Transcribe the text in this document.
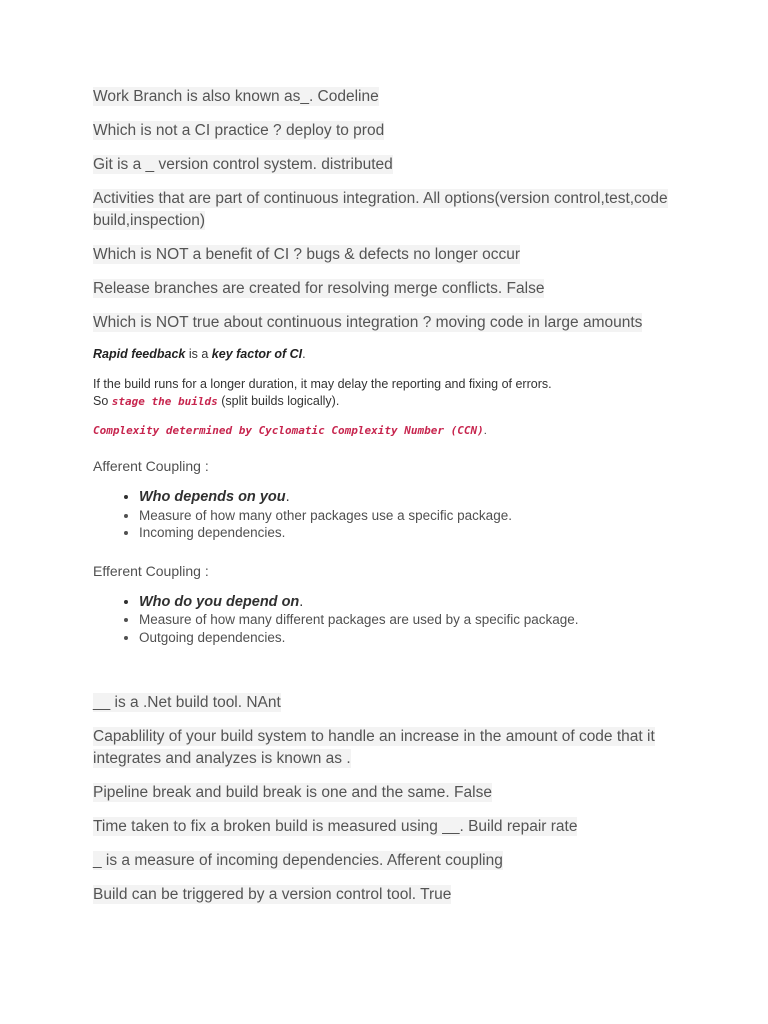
Work Branch is also known as_. Codeline

Which is not a CI practice ? deploy to prod

Git is a _ version control system. distributed

Activities that are part of continuous integration. All options(version control,test,code build,inspection)

Which is NOT a benefit of CI ? bugs & defects no longer occur

Release branches are created for resolving merge conflicts. False

Which is NOT true about continuous integration ? moving code in large amounts

Rapid feedback is a key factor of CI.

If the build runs for a longer duration, it may delay the reporting and fixing of errors.
So stage the builds (split builds logically).

Complexity determined by Cyclomatic Complexity Number (CCN).

Afferent Coupling :

• Who depends on you.
• Measure of how many other packages use a specific package.
• Incoming dependencies.

Efferent Coupling :

• Who do you depend on.
• Measure of how many different packages are used by a specific package.
• Outgoing dependencies.

__ is a .Net build tool. NAnt

Capablility of your build system to handle an increase in the amount of code that it integrates and analyzes is known as .

Pipeline break and build break is one and the same. False

Time taken to fix a broken build is measured using __. Build repair rate

_ is a measure of incoming dependencies. Afferent coupling

Build can be triggered by a version control tool. True
